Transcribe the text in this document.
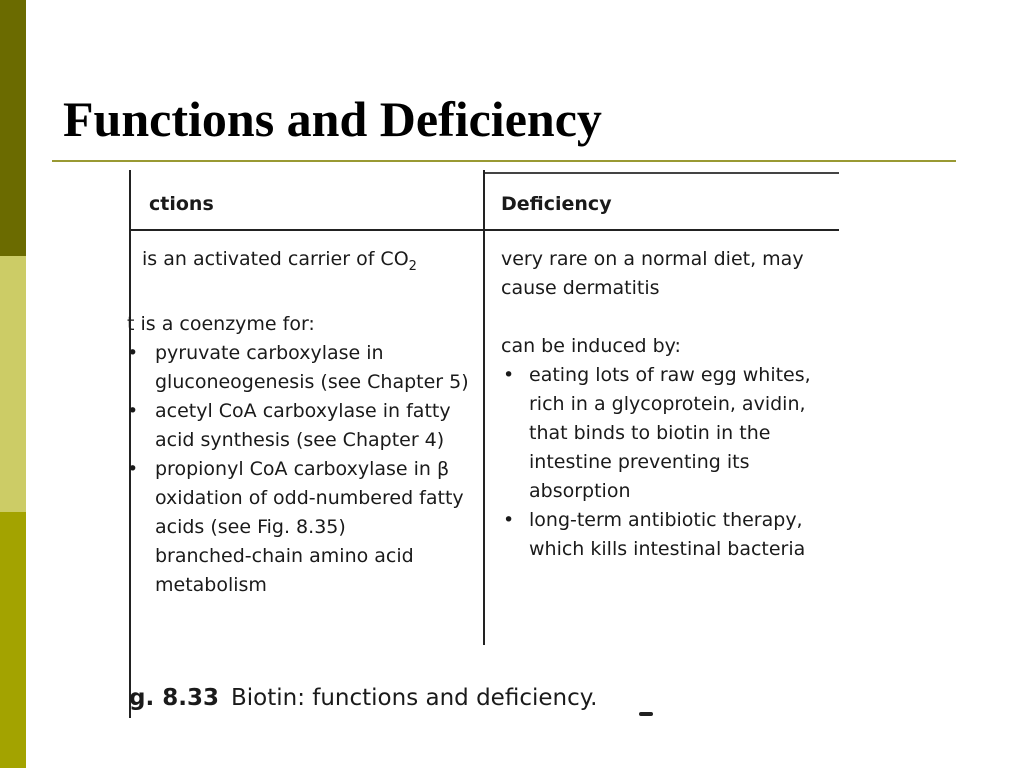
Functions and Deficiency
ctions	Deficiency

is an activated carrier of $CO_2$

t is a coenzyme for:

• pyruvate carboxylase in gluconeogenesis (see Chapter 5)
• acetyl CoA carboxylase in fatty acid synthesis (see Chapter 4)
• propionyl CoA carboxylase in β oxidation of odd-numbered fatty acids (see Fig. 8.35)
branched-chain amino acid metabolism

very rare on a normal diet, may cause dermatitis

can be induced by:

• eating lots of raw egg whites, rich in a glycoprotein, avidin, that binds to biotin in the intestine preventing its absorption
• long-term antibiotic therapy, which kills intestinal bacteria
g. 8.33 Biotin: functions and deficiency.
